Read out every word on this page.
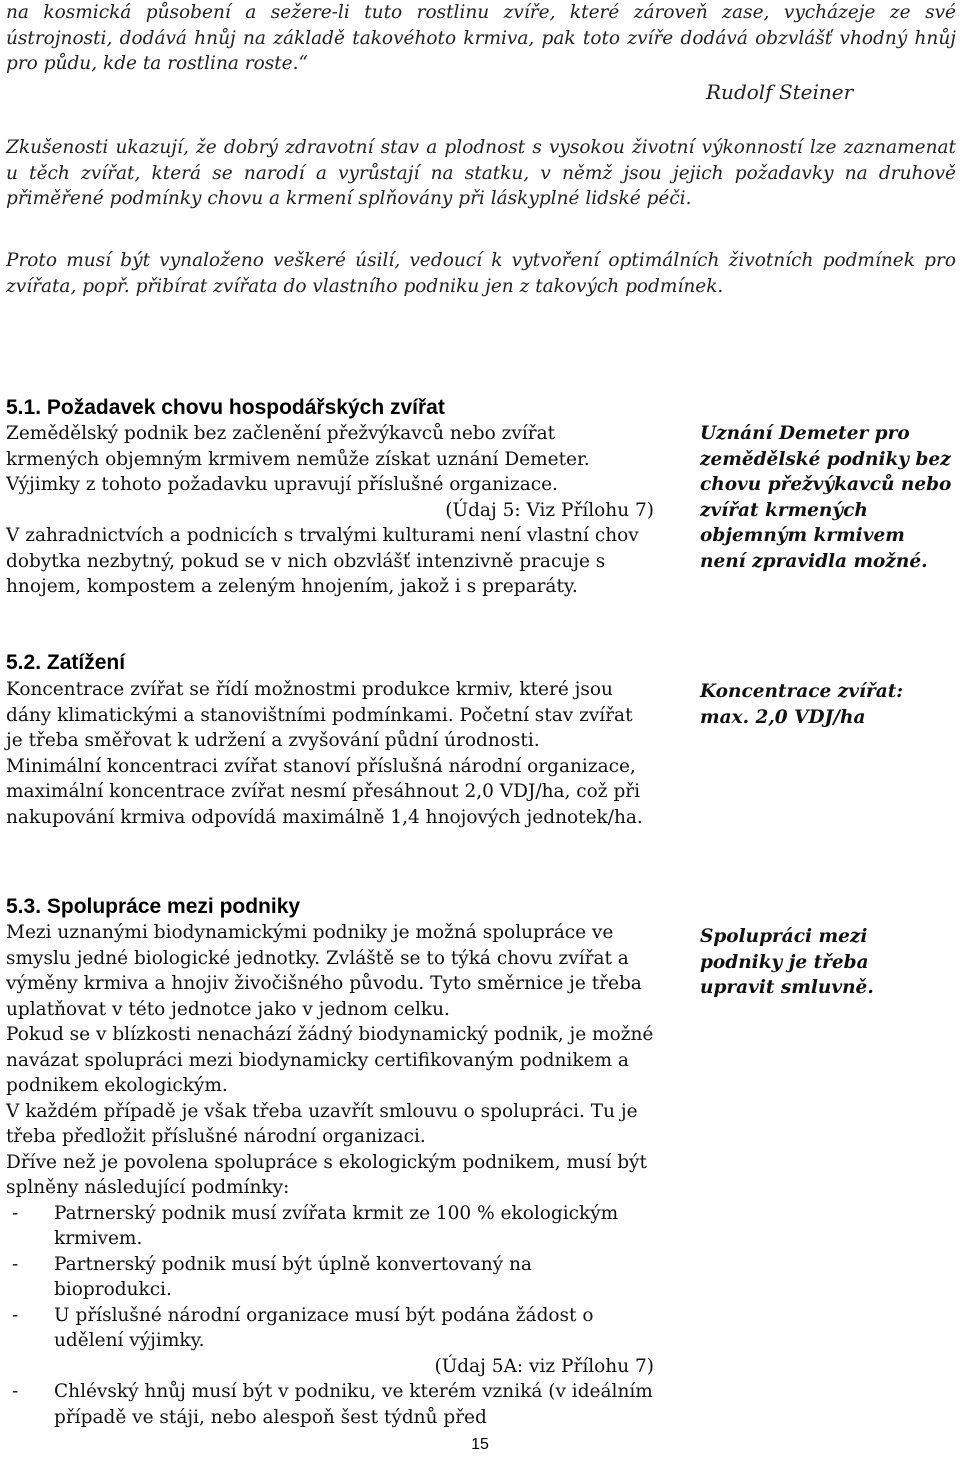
na kosmická působení a sežere-li tuto rostlinu zvíře, které zároveň zase, vycházeje ze své ústrojnosti, dodává hnůj na základě takovéhoto krmiva, pak toto zvíře dodává obzvlášť vhodný hnůj pro půdu, kde ta rostlina roste.“
Rudolf Steiner
Zkušenosti ukazují, že dobrý zdravotní stav a plodnost s vysokou životní výkonností lze zaznamenat u těch zvířat, která se narodí a vyrůstají na statku, v němž jsou jejich požadavky na druhově přiměřené podmínky chovu a krmení splňovány při láskyplné lidské péči.
Proto musí být vynaloženo veškeré úsilí, vedoucí k vytvoření optimálních životních podmínek pro zvířata, popř. přibírat zvířata do vlastního podniku jen z takových podmínek.
5.1. Požadavek chovu hospodářských zvířat

Zemědělský podnik bez začlenění přežvýkavců nebo zvířat krmených objemným krmivem nemůže získat uznání Demeter. Výjimky z tohoto požadavku upravují příslušné organizace.

(Údaj 5: Viz Přílohu 7)

V zahradnictvích a podnicích s trvalými kulturami není vlastní chov dobytka nezbytný, pokud se v nich obzvlášť intenzivně pracuje s hnojem, kompostem a zeleným hnojením, jakož i s preparáty.

Uznání Demeter pro zemědělské podniky bez chovu přežvýkavců nebo zvířat krmených objemným krmivem není zpravidla možné.
5.2. Zatížení

Koncentrace zvířat se řídí možnostmi produkce krmiv, které jsou dány klimatickými a stanovištními podmínkami. Početní stav zvířat je třeba směřovat k udržení a zvyšování půdní úrodnosti.

Minimální koncentraci zvířat stanoví příslušná národní organizace, maximální koncentrace zvířat nesmí přesáhnout 2,0 VDJ/ha, což při nakupování krmiva odpovídá maximálně 1,4 hnojových jednotek/ha.

Koncentrace zvířat:
max. 2,0 VDJ/ha
5.3. Spolupráce mezi podniky

Mezi uznanými biodynamickými podniky je možná spolupráce ve smyslu jedné biologické jednotky. Zvláště se to týká chovu zvířat a výměny krmiva a hnojiv živočišného původu. Tyto směrnice je třeba uplatňovat v této jednotce jako v jednom celku.

Pokud se v blízkosti nenachází žádný biodynamický podnik, je možné navázat spolupráci mezi biodynamicky certifikovaným podnikem a podnikem ekologickým.

V každém případě je však třeba uzavřít smlouvu o spolupráci. Tu je třeba předložit příslušné národní organizaci.

Dříve než je povolena spolupráce s ekologickým podnikem, musí být splněny následující podmínky:

- Patrnerský podnik musí zvířata krmit ze 100 % ekologickým krmivem.
- Partnerský podnik musí být úplně konvertovaný na bioprodukci.
- U příslušné národní organizace musí být podána žádost o udělení výjimky.

(Údaj 5A: viz Přílohu 7)

- Chlévský hnůj musí být v podniku, ve kterém vzniká (v ideálním případě ve stáji, nebo alespoň šest týdnů před
Spolupráci mezi podniky je třeba upravit smluvně.
15
